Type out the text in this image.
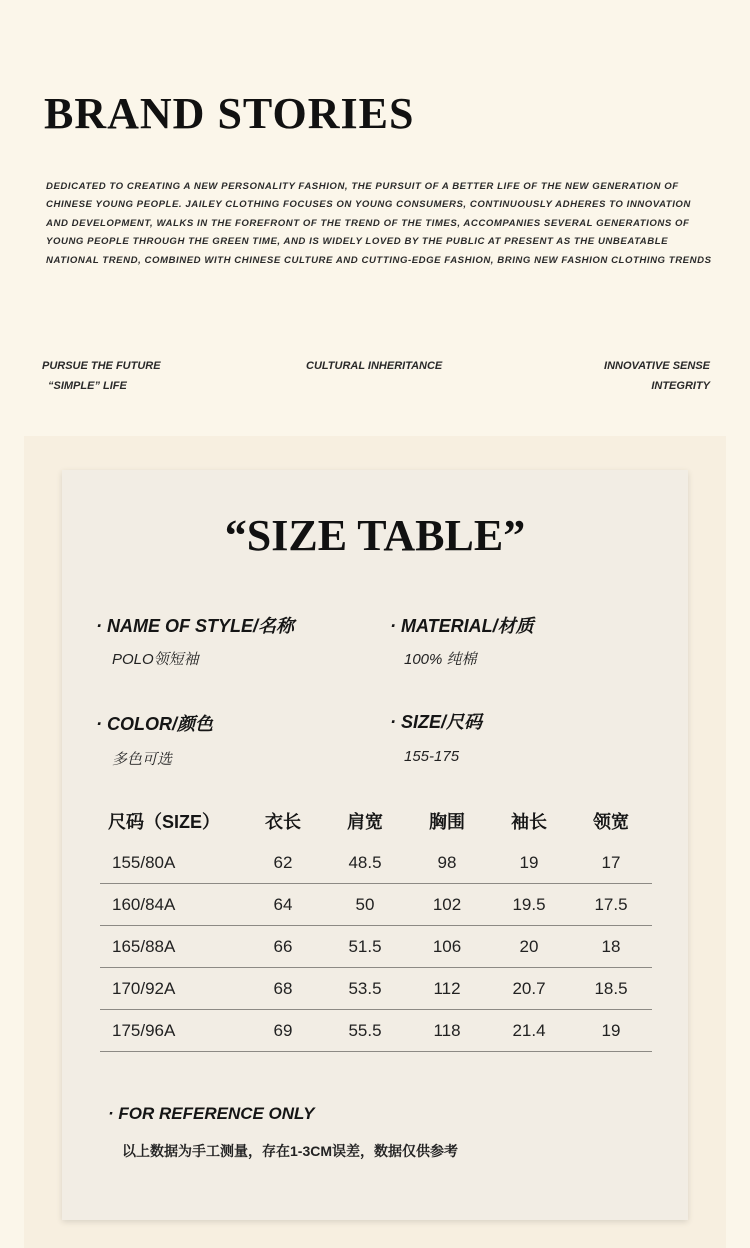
BRAND STORIES

DEDICATED TO CREATING A NEW PERSONALITY FASHION, THE PURSUIT OF A BETTER LIFE OF THE NEW GENERATION OF CHINESE YOUNG PEOPLE. JAILEY CLOTHING FOCUSES ON YOUNG CONSUMERS, CONTINUOUSLY ADHERES TO INNOVATION AND DEVELOPMENT, WALKS IN THE FOREFRONT OF THE TREND OF THE TIMES, ACCOMPANIES SEVERAL GENERATIONS OF YOUNG PEOPLE THROUGH THE GREEN TIME, AND IS WIDELY LOVED BY THE PUBLIC AT PRESENT AS THE UNBEATABLE NATIONAL TREND, COMBINED WITH CHINESE CULTURE AND CUTTING-EDGE FASHION, BRING NEW FASHION CLOTHING TRENDS

PURSUE THE FUTURE
“SIMPLE” LIFE
CULTURAL INHERITANCE	INNOVATIVE SENSE
INTEGRITY
“SIZE TABLE”
· NAME OF STYLE/名称
POLO领短袖
· MATERIAL/材质
100% 纯棉
· COLOR/颜色
多色可选
· SIZE/尺码
155-175
尺码（SIZE）	衣长	肩宽	胸围	袖长	领宽
155/80A	62	48.5	98	19	17
160/84A	64	50	102	19.5	17.5
165/88A	66	51.5	106	20	18
170/92A	68	53.5	112	20.7	18.5
175/96A	69	55.5	118	21.4	19
· FOR REFERENCE ONLY
以上数据为手工测量，存在1-3CM误差，数据仅供参考
